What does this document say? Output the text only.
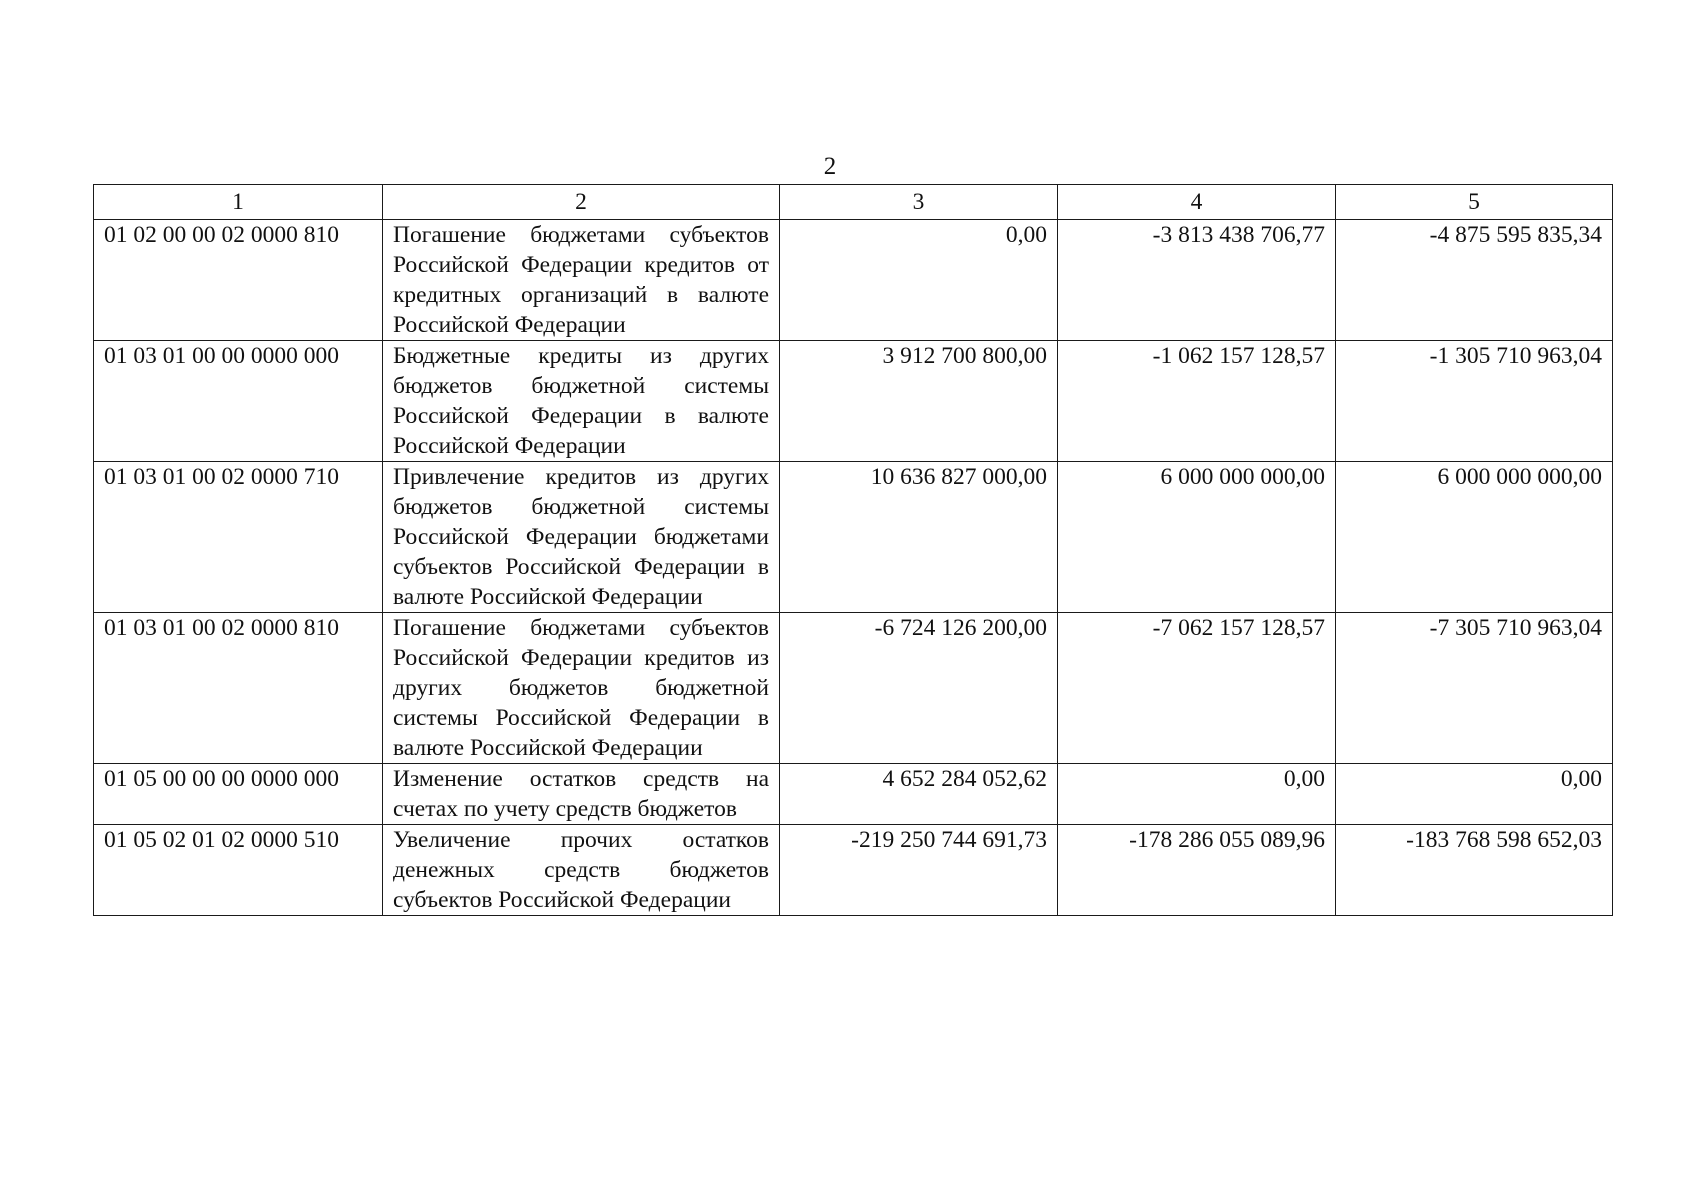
2
1	2	3	4	5
01 02 00 00 02 0000 810	Погашение бюджетами субъектов Российской Федерации кредитов от кредитных организаций в валюте Российской Федерации	0,00	-3 813 438 706,77	-4 875 595 835,34
01 03 01 00 00 0000 000	Бюджетные кредиты из других бюджетов бюджетной системы Российской Федерации в валюте Российской Федерации	3 912 700 800,00	-1 062 157 128,57	-1 305 710 963,04
01 03 01 00 02 0000 710	Привлечение кредитов из других бюджетов бюджетной системы Российской Федерации бюджетами субъектов Российской Федерации в валюте Российской Федерации	10 636 827 000,00	6 000 000 000,00	6 000 000 000,00
01 03 01 00 02 0000 810	Погашение бюджетами субъектов Российской Федерации кредитов из других бюджетов бюджетной системы Российской Федерации в валюте Российской Федерации	-6 724 126 200,00	-7 062 157 128,57	-7 305 710 963,04
01 05 00 00 00 0000 000	Изменение остатков средств на счетах по учету средств бюджетов	4 652 284 052,62	0,00	0,00
01 05 02 01 02 0000 510	Увеличение прочих остатков денежных средств бюджетов субъектов Российской Федерации	-219 250 744 691,73	-178 286 055 089,96	-183 768 598 652,03
